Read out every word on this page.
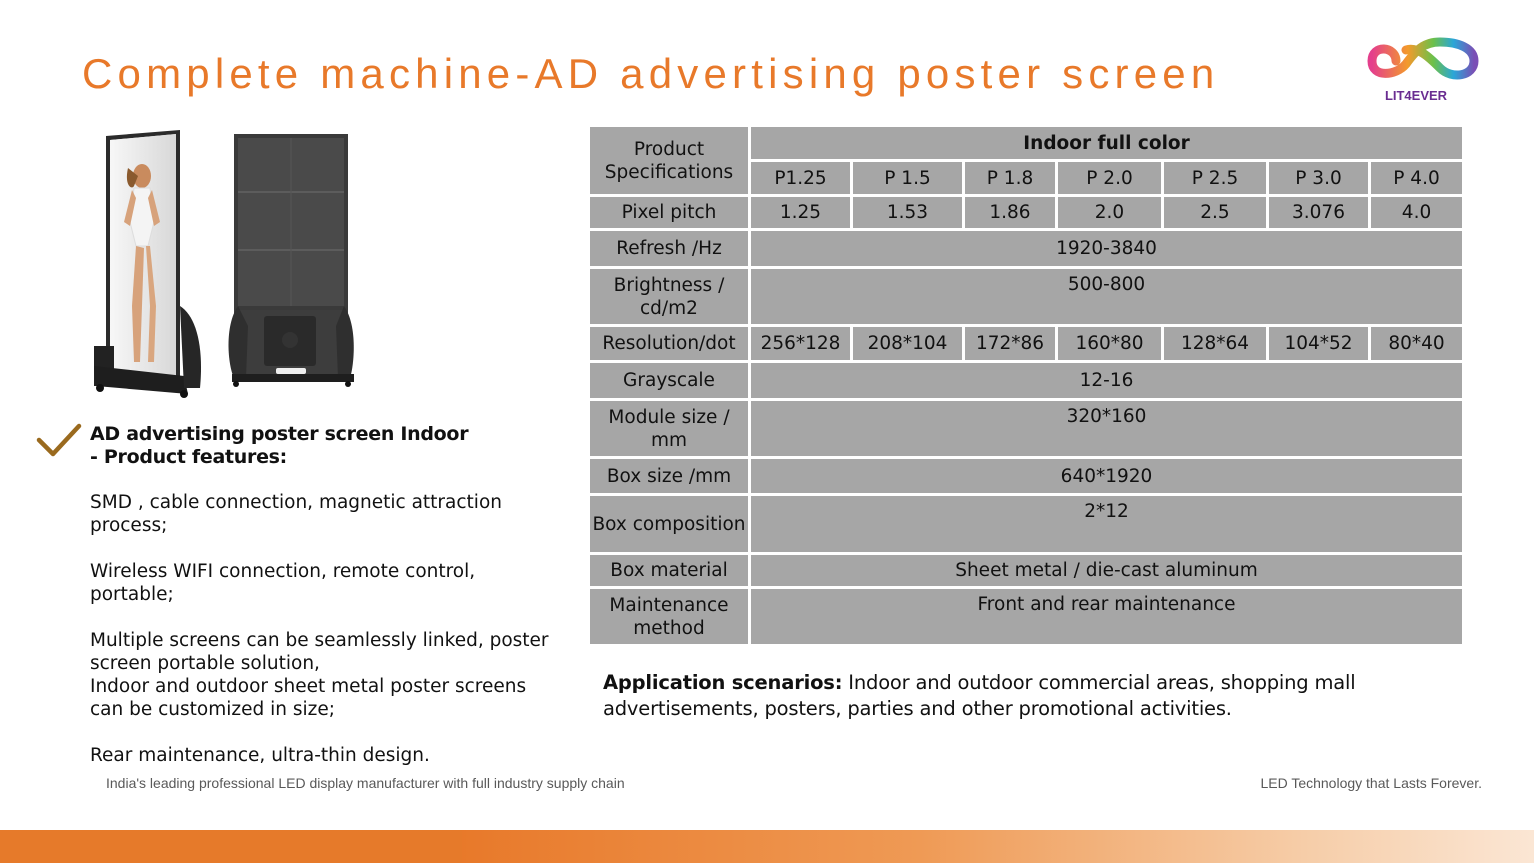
Complete machine-AD advertising poster screen	LIT4EVER
AD advertising poster screen Indoor
- Product features:
SMD , cable connection, magnetic attraction process;
Wireless WIFI connection, remote control, portable;
Multiple screens can be seamlessly linked, poster screen portable solution,
Indoor and outdoor sheet metal poster screens can be customized in size;
Rear maintenance, ultra-thin design.
Product Specifications	Indoor full color						
	P1.25	P 1.5	P 1.8	P 2.0	P 2.5	P 3.0	P 4.0
Pixel pitch	1.25	1.53	1.86	2.0	2.5	3.076	4.0
Refresh /Hz	1920-3840						
Brightness / cd/m2	500-800						
Resolution/dot	256*128	208*104	172*86	160*80	128*64	104*52	80*40
Grayscale	12-16						
Module size / mm	320*160						
Box size /mm	640*1920						
Box composition	2*12						
Box material	Sheet metal / die-cast aluminum						
Maintenance method	Front and rear maintenance						
Application scenarios: Indoor and outdoor commercial areas, shopping mall advertisements, posters, parties and other promotional activities.
India's leading professional LED display manufacturer with full industry supply chain	LED Technology that Lasts Forever.
